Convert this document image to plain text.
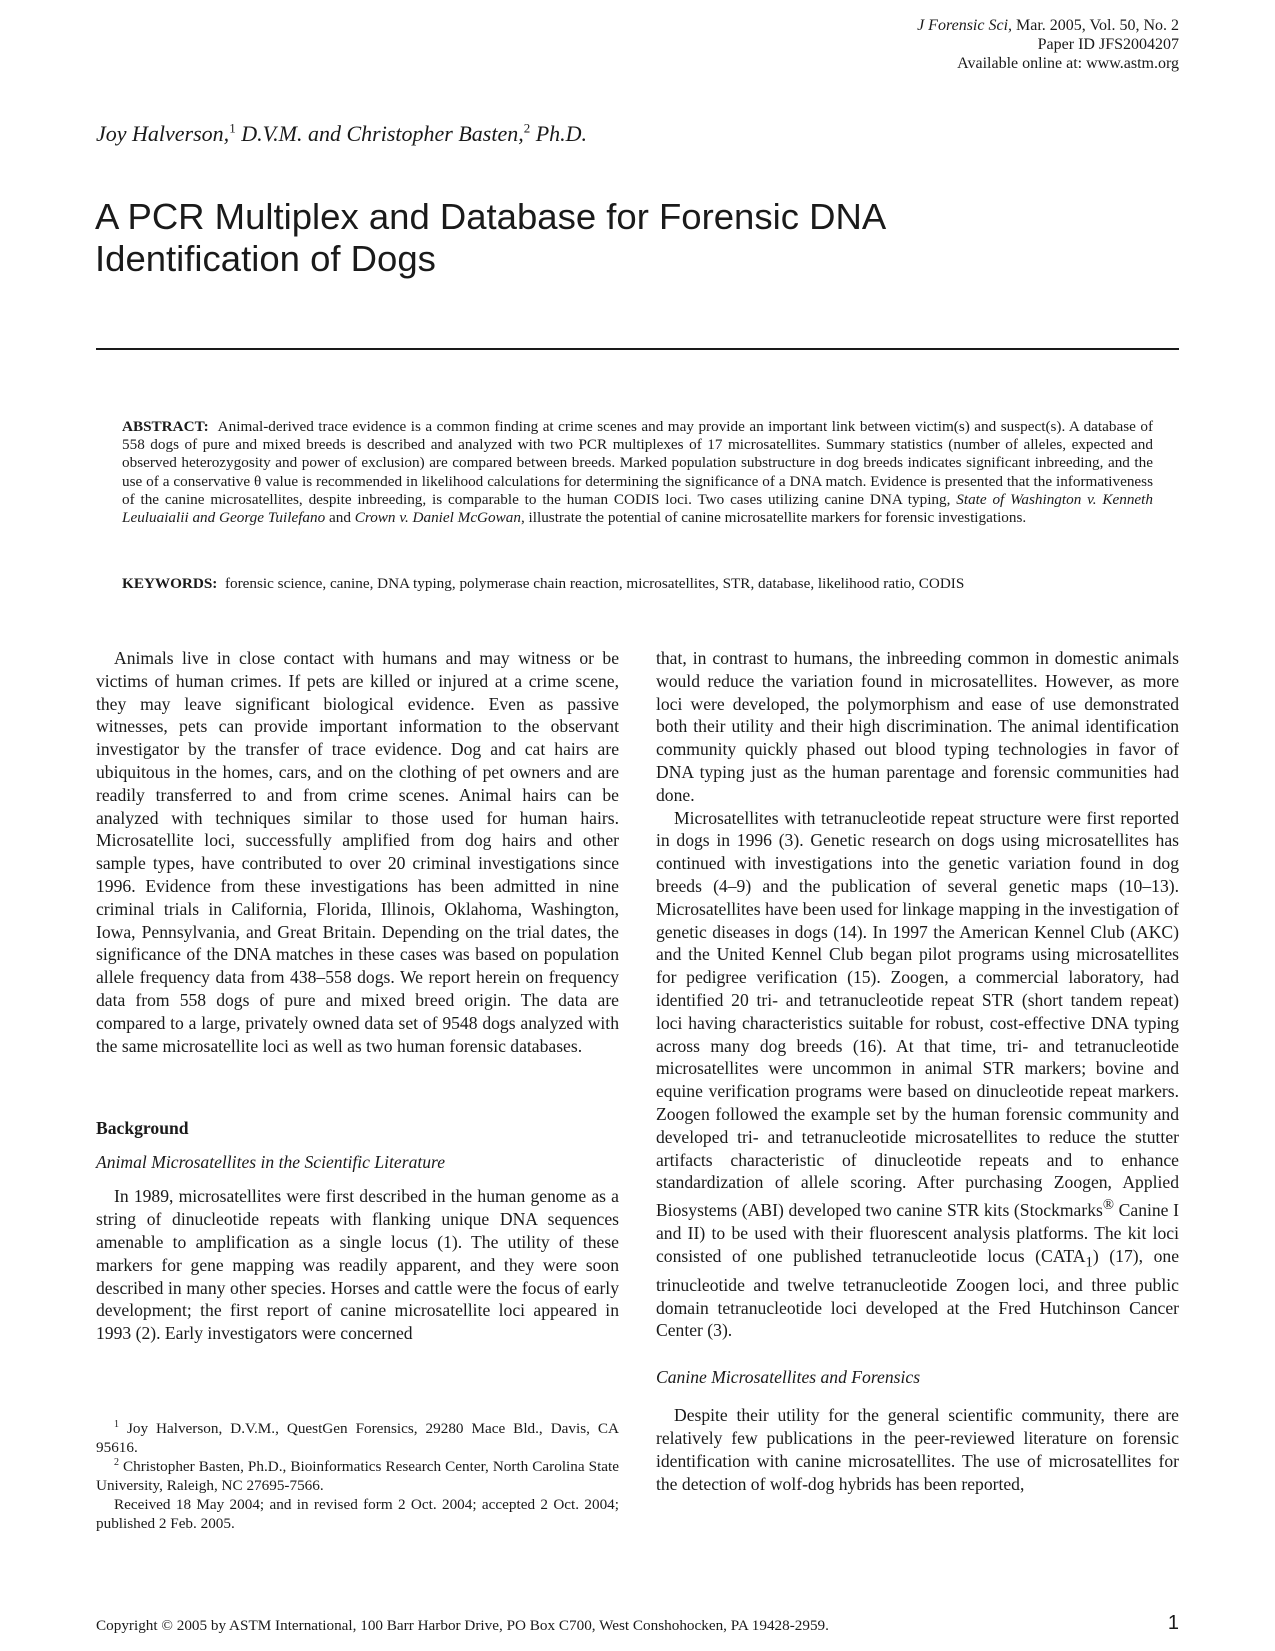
J Forensic Sci, Mar. 2005, Vol. 50, No. 2
Paper ID JFS2004207
Available online at: www.astm.org
Joy Halverson,$^1$ D.V.M. and Christopher Basten,$^2$ Ph.D.
A PCR Multiplex and Database for Forensic DNA
Identification of Dogs

ABSTRACT: Animal-derived trace evidence is a common finding at crime scenes and may provide an important link between victim(s) and suspect(s). A database of 558 dogs of pure and mixed breeds is described and analyzed with two PCR multiplexes of 17 microsatellites. Summary statistics (number of alleles, expected and observed heterozygosity and power of exclusion) are compared between breeds. Marked population substructure in dog breeds indicates significant inbreeding, and the use of a conservative θ value is recommended in likelihood calculations for determining the significance of a DNA match. Evidence is presented that the informativeness of the canine microsatellites, despite inbreeding, is comparable to the human CODIS loci. Two cases utilizing canine DNA typing, State of Washington v. Kenneth Leuluaialii and George Tuilefano and Crown v. Daniel McGowan, illustrate the potential of canine microsatellite markers for forensic investigations.

KEYWORDS: forensic science, canine, DNA typing, polymerase chain reaction, microsatellites, STR, database, likelihood ratio, CODIS

Animals live in close contact with humans and may witness or be victims of human crimes. If pets are killed or injured at a crime scene, they may leave significant biological evidence. Even as passive witnesses, pets can provide important information to the observant investigator by the transfer of trace evidence. Dog and cat hairs are ubiquitous in the homes, cars, and on the clothing of pet owners and are readily transferred to and from crime scenes. Animal hairs can be analyzed with techniques similar to those used for human hairs. Microsatellite loci, successfully amplified from dog hairs and other sample types, have contributed to over 20 criminal investigations since 1996. Evidence from these investigations has been admitted in nine criminal trials in California, Florida, Illinois, Oklahoma, Washington, Iowa, Pennsylvania, and Great Britain. Depending on the trial dates, the significance of the DNA matches in these cases was based on population allele frequency data from 438–558 dogs. We report herein on frequency data from 558 dogs of pure and mixed breed origin. The data are compared to a large, privately owned data set of 9548 dogs analyzed with the same microsatellite loci as well as two human forensic databases.

Background
Animal Microsatellites in the Scientific Literature

In 1989, microsatellites were first described in the human genome as a string of dinucleotide repeats with flanking unique DNA sequences amenable to amplification as a single locus (1). The utility of these markers for gene mapping was readily apparent, and they were soon described in many other species. Horses and cattle were the focus of early development; the first report of canine microsatellite loci appeared in 1993 (2). Early investigators were concerned

that, in contrast to humans, the inbreeding common in domestic animals would reduce the variation found in microsatellites. However, as more loci were developed, the polymorphism and ease of use demonstrated both their utility and their high discrimination. The animal identification community quickly phased out blood typing technologies in favor of DNA typing just as the human parentage and forensic communities had done.

Microsatellites with tetranucleotide repeat structure were first reported in dogs in 1996 (3). Genetic research on dogs using microsatellites has continued with investigations into the genetic variation found in dog breeds (4–9) and the publication of several genetic maps (10–13). Microsatellites have been used for linkage mapping in the investigation of genetic diseases in dogs (14). In 1997 the American Kennel Club (AKC) and the United Kennel Club began pilot programs using microsatellites for pedigree verification (15). Zoogen, a commercial laboratory, had identified 20 tri- and tetranucleotide repeat STR (short tandem repeat) loci having characteristics suitable for robust, cost-effective DNA typing across many dog breeds (16). At that time, tri- and tetranucleotide microsatellites were uncommon in animal STR markers; bovine and equine verification programs were based on dinucleotide repeat markers. Zoogen followed the example set by the human forensic community and developed tri- and tetranucleotide microsatellites to reduce the stutter artifacts characteristic of dinucleotide repeats and to enhance standardization of allele scoring. After purchasing Zoogen, Applied Biosystems (ABI) developed two canine STR kits (Stockmarks® Canine I and II) to be used with their fluorescent analysis platforms. The kit loci consisted of one published tetranucleotide locus $(CATA_1)$ (17), one trinucleotide and twelve tetranucleotide Zoogen loci, and three public domain tetranucleotide loci developed at the Fred Hutchinson Cancer Center (3).

Canine Microsatellites and Forensics

Despite their utility for the general scientific community, there are relatively few publications in the peer-reviewed literature on forensic identification with canine microsatellites. The use of microsatellites for the detection of wolf-dog hybrids has been reported,

$^1$ Joy Halverson, D.V.M., QuestGen Forensics, 29280 Mace Bld., Davis, CA 95616.

$^2$ Christopher Basten, Ph.D., Bioinformatics Research Center, North Carolina State University, Raleigh, NC 27695-7566.

Received 18 May 2004; and in revised form 2 Oct. 2004; accepted 2 Oct. 2004; published 2 Feb. 2005.

Copyright © 2005 by ASTM International, 100 Barr Harbor Drive, PO Box C700, West Conshohocken, PA 19428-2959.	1
